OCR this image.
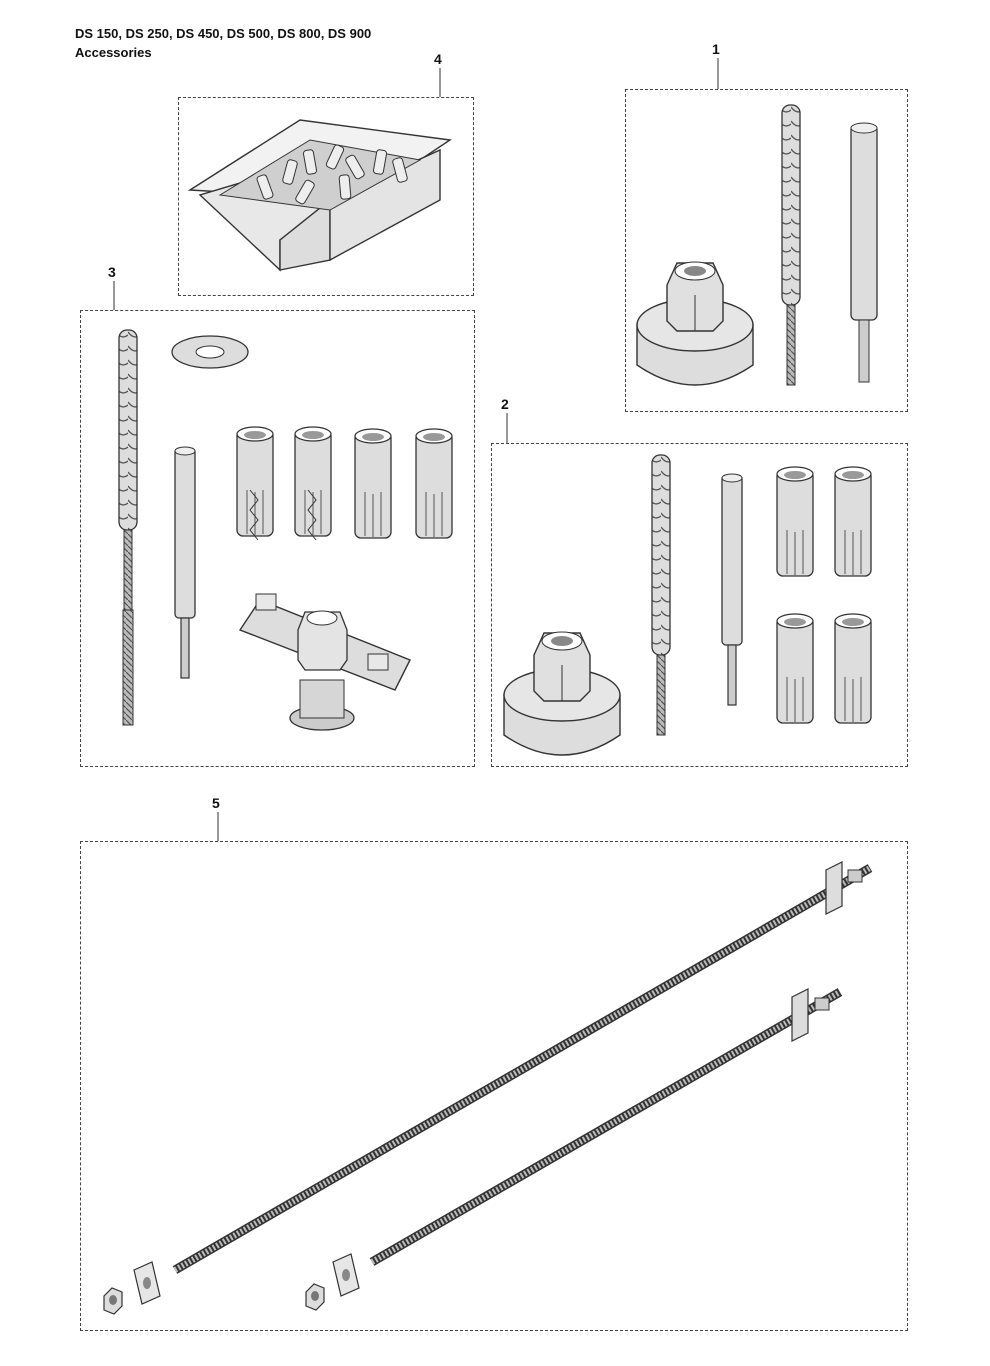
DS 150, DS 250, DS 450, DS 500, DS 800, DS 900
Accessories	4
1
3
2
5
